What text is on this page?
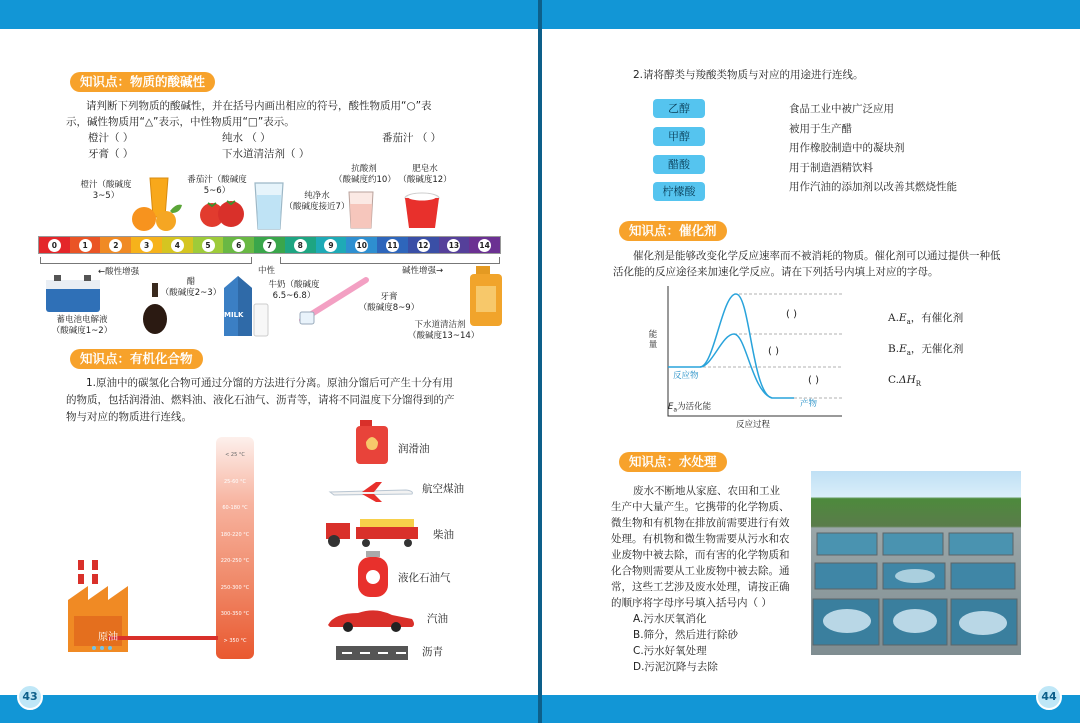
43	44
知识点：物质的酸碱性
请判断下列物质的酸碱性，并在括号内画出相应的符号，酸性物质用“○”表
示，碱性物质用“△”表示，中性物质用“□”表示。
橙汁（ ）	纯水 （ ）	番茄汁 （ ）
牙膏（ ）	下水道清洁剂（ ）
橙汁（酸碱度
3~5）
番茄汁（酸碱度
5~6）	纯净水
（酸碱度接近7）
抗酸剂
（酸碱度约10）
肥皂水
（酸碱度12）
0	1	2	3	4	5	6	7	8	9	10	11	12	13	14
←酸性增强	中性	碱性增强→
MILK
蓄电池电解液
（酸碱度1~2）
醋
（酸碱度2~3）
牛奶（酸碱度
6.5~6.8）	牙膏
（酸碱度8~9）
下水道清洁剂
（酸碱度13~14）
知识点：有机化合物
1.原油中的碳氢化合物可通过分馏的方法进行分离。原油分馏后可产生十分有用
的物质，包括润滑油、燃料油、液化石油气、沥青等，请将不同温度下分馏得到的产
物与对应的物质进行连线。
< 25 °C
25-60 °C
60-180 °C
180-220 °C
220-250 °C
250-300 °C
300-350 °C
> 350 °C
原油
润滑油
航空煤油
柴油
液化石油气
汽油
沥青
2.请将醇类与羧酸类物质与对应的用途进行连线。
乙醇
甲醇
醋酸
柠檬酸
食品工业中被广泛应用
被用于生产醋
用作橡胶制造中的凝块剂
用于制造酒精饮料
用作汽油的添加剂以改善其燃烧性能
知识点：催化剂
催化剂是能够改变化学反应速率而不被消耗的物质。催化剂可以通过提供一种低
活化能的反应途径来加速化学反应。请在下列括号内填上对应的字母。
能量
反应过程
反应物
产物
$E_a$为活化能
( )
( )
( )
$A.E_a$，有催化剂
$B.E_a$，无催化剂
$C.\Delta H_R$
知识点：水处理
废水不断地从家庭、农田和工业
生产中大量产生。它携带的化学物质、
微生物和有机物在排放前需要进行有效
处理。有机物和微生物需要从污水和农
业废物中被去除，而有害的化学物质和
化合物则需要从工业废物中被去除。通
常，这些工艺涉及废水处理，请按正确
的顺序将字母序号填入括号内（ ）
A.污水厌氧消化
B.筛分，然后进行除砂
C.污水好氧处理
D.污泥沉降与去除
